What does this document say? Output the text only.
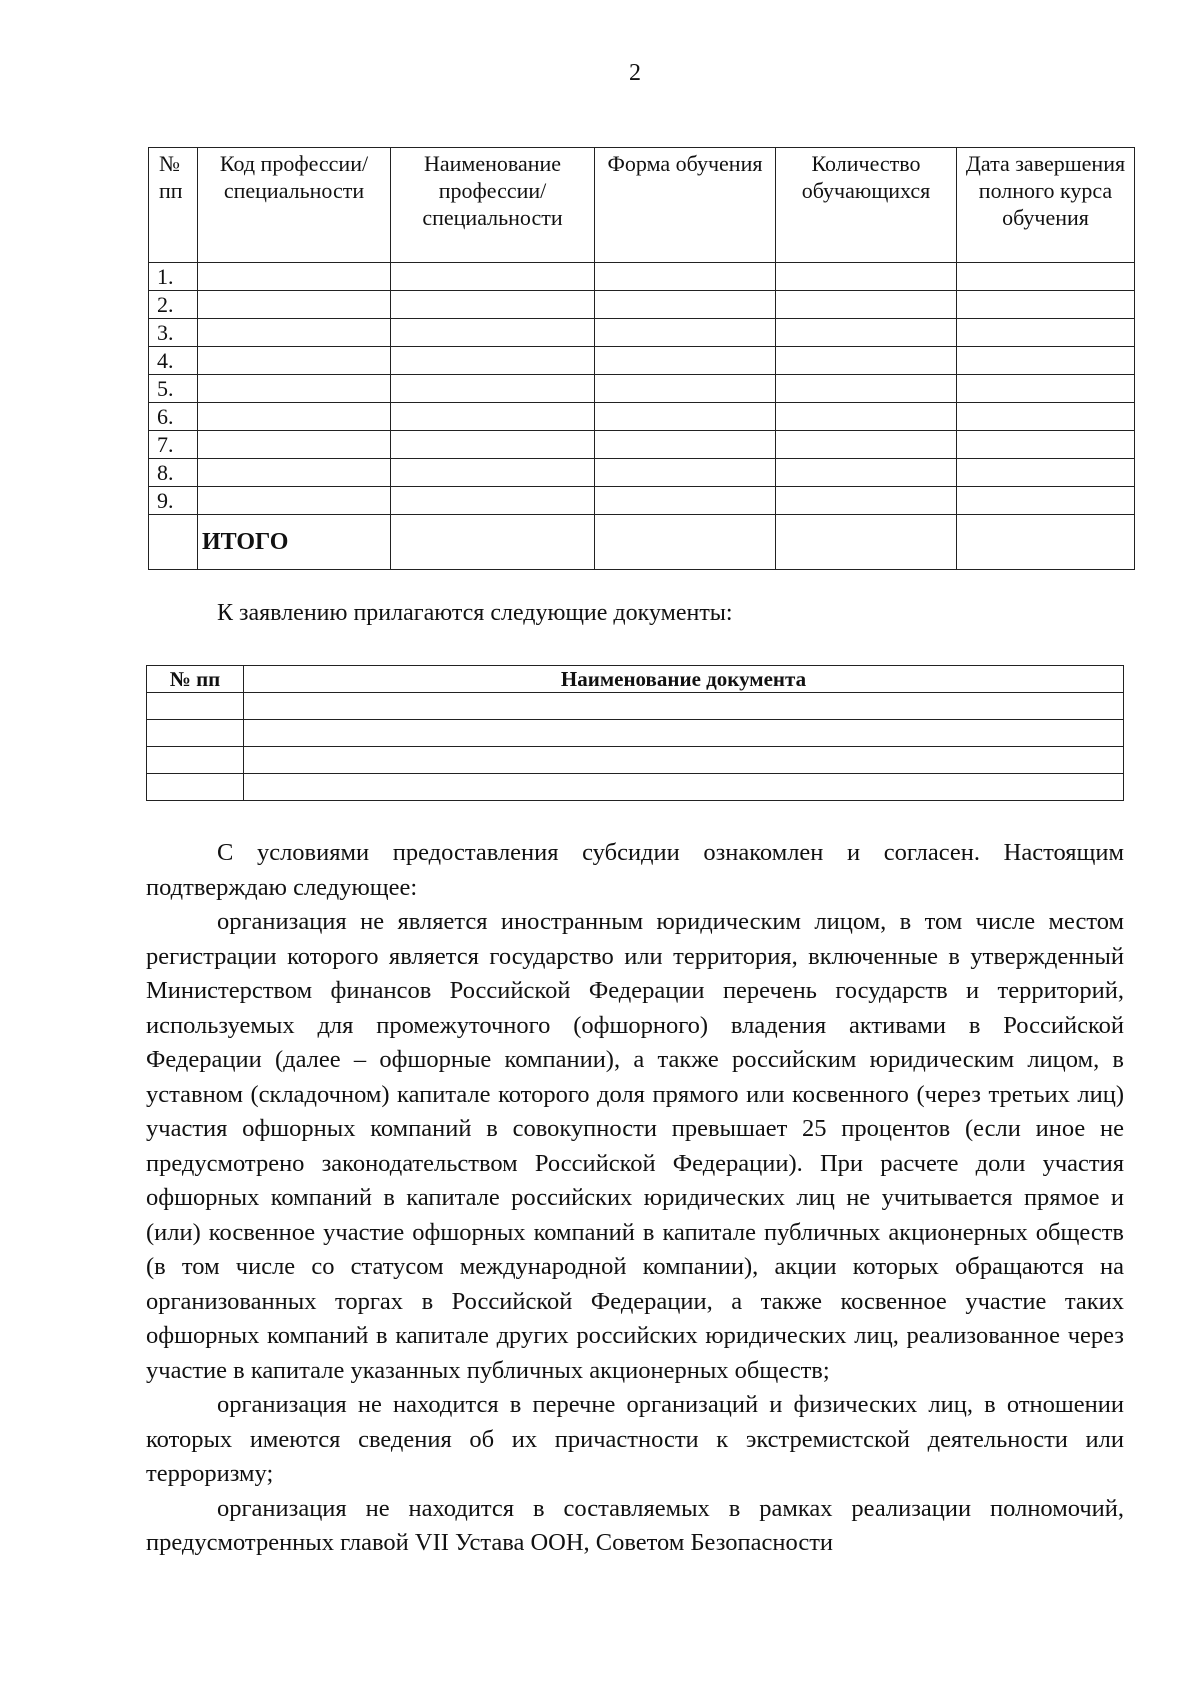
2
№ пп	Код профессии/ специальности	Наименование профессии/ специальности	Форма обучения	Количество обучающихся	Дата завершения полного курса обучения
1.					
2.					
3.					
4.					
5.					
6.					
7.					
8.					
9.					
	ИТОГО				

К заявлению прилагаются следующие документы:

№ пп	Наименование документа

С условиями предоставления субсидии ознакомлен и согласен. Настоящим подтверждаю следующее:

организация не является иностранным юридическим лицом, в том числе местом регистрации которого является государство или территория, включенные в утвержденный Министерством финансов Российской Федерации перечень государств и территорий, используемых для промежуточного (офшорного) владения активами в Российской Федерации (далее – офшорные компании), а также российским юридическим лицом, в уставном (складочном) капитале которого доля прямого или косвенного (через третьих лиц) участия офшорных компаний в совокупности превышает 25 процентов (если иное не предусмотрено законодательством Российской Федерации). При расчете доли участия офшорных компаний в капитале российских юридических лиц не учитывается прямое и (или) косвенное участие офшорных компаний в капитале публичных акционерных обществ (в том числе со статусом международной компании), акции которых обращаются на организованных торгах в Российской Федерации, а также косвенное участие таких офшорных компаний в капитале других российских юридических лиц, реализованное через участие в капитале указанных публичных акционерных обществ;

организация не находится в перечне организаций и физических лиц, в отношении которых имеются сведения об их причастности к экстремистской деятельности или терроризму;

организация не находится в составляемых в рамках реализации полномочий, предусмотренных главой VII Устава ООН, Советом Безопасности
